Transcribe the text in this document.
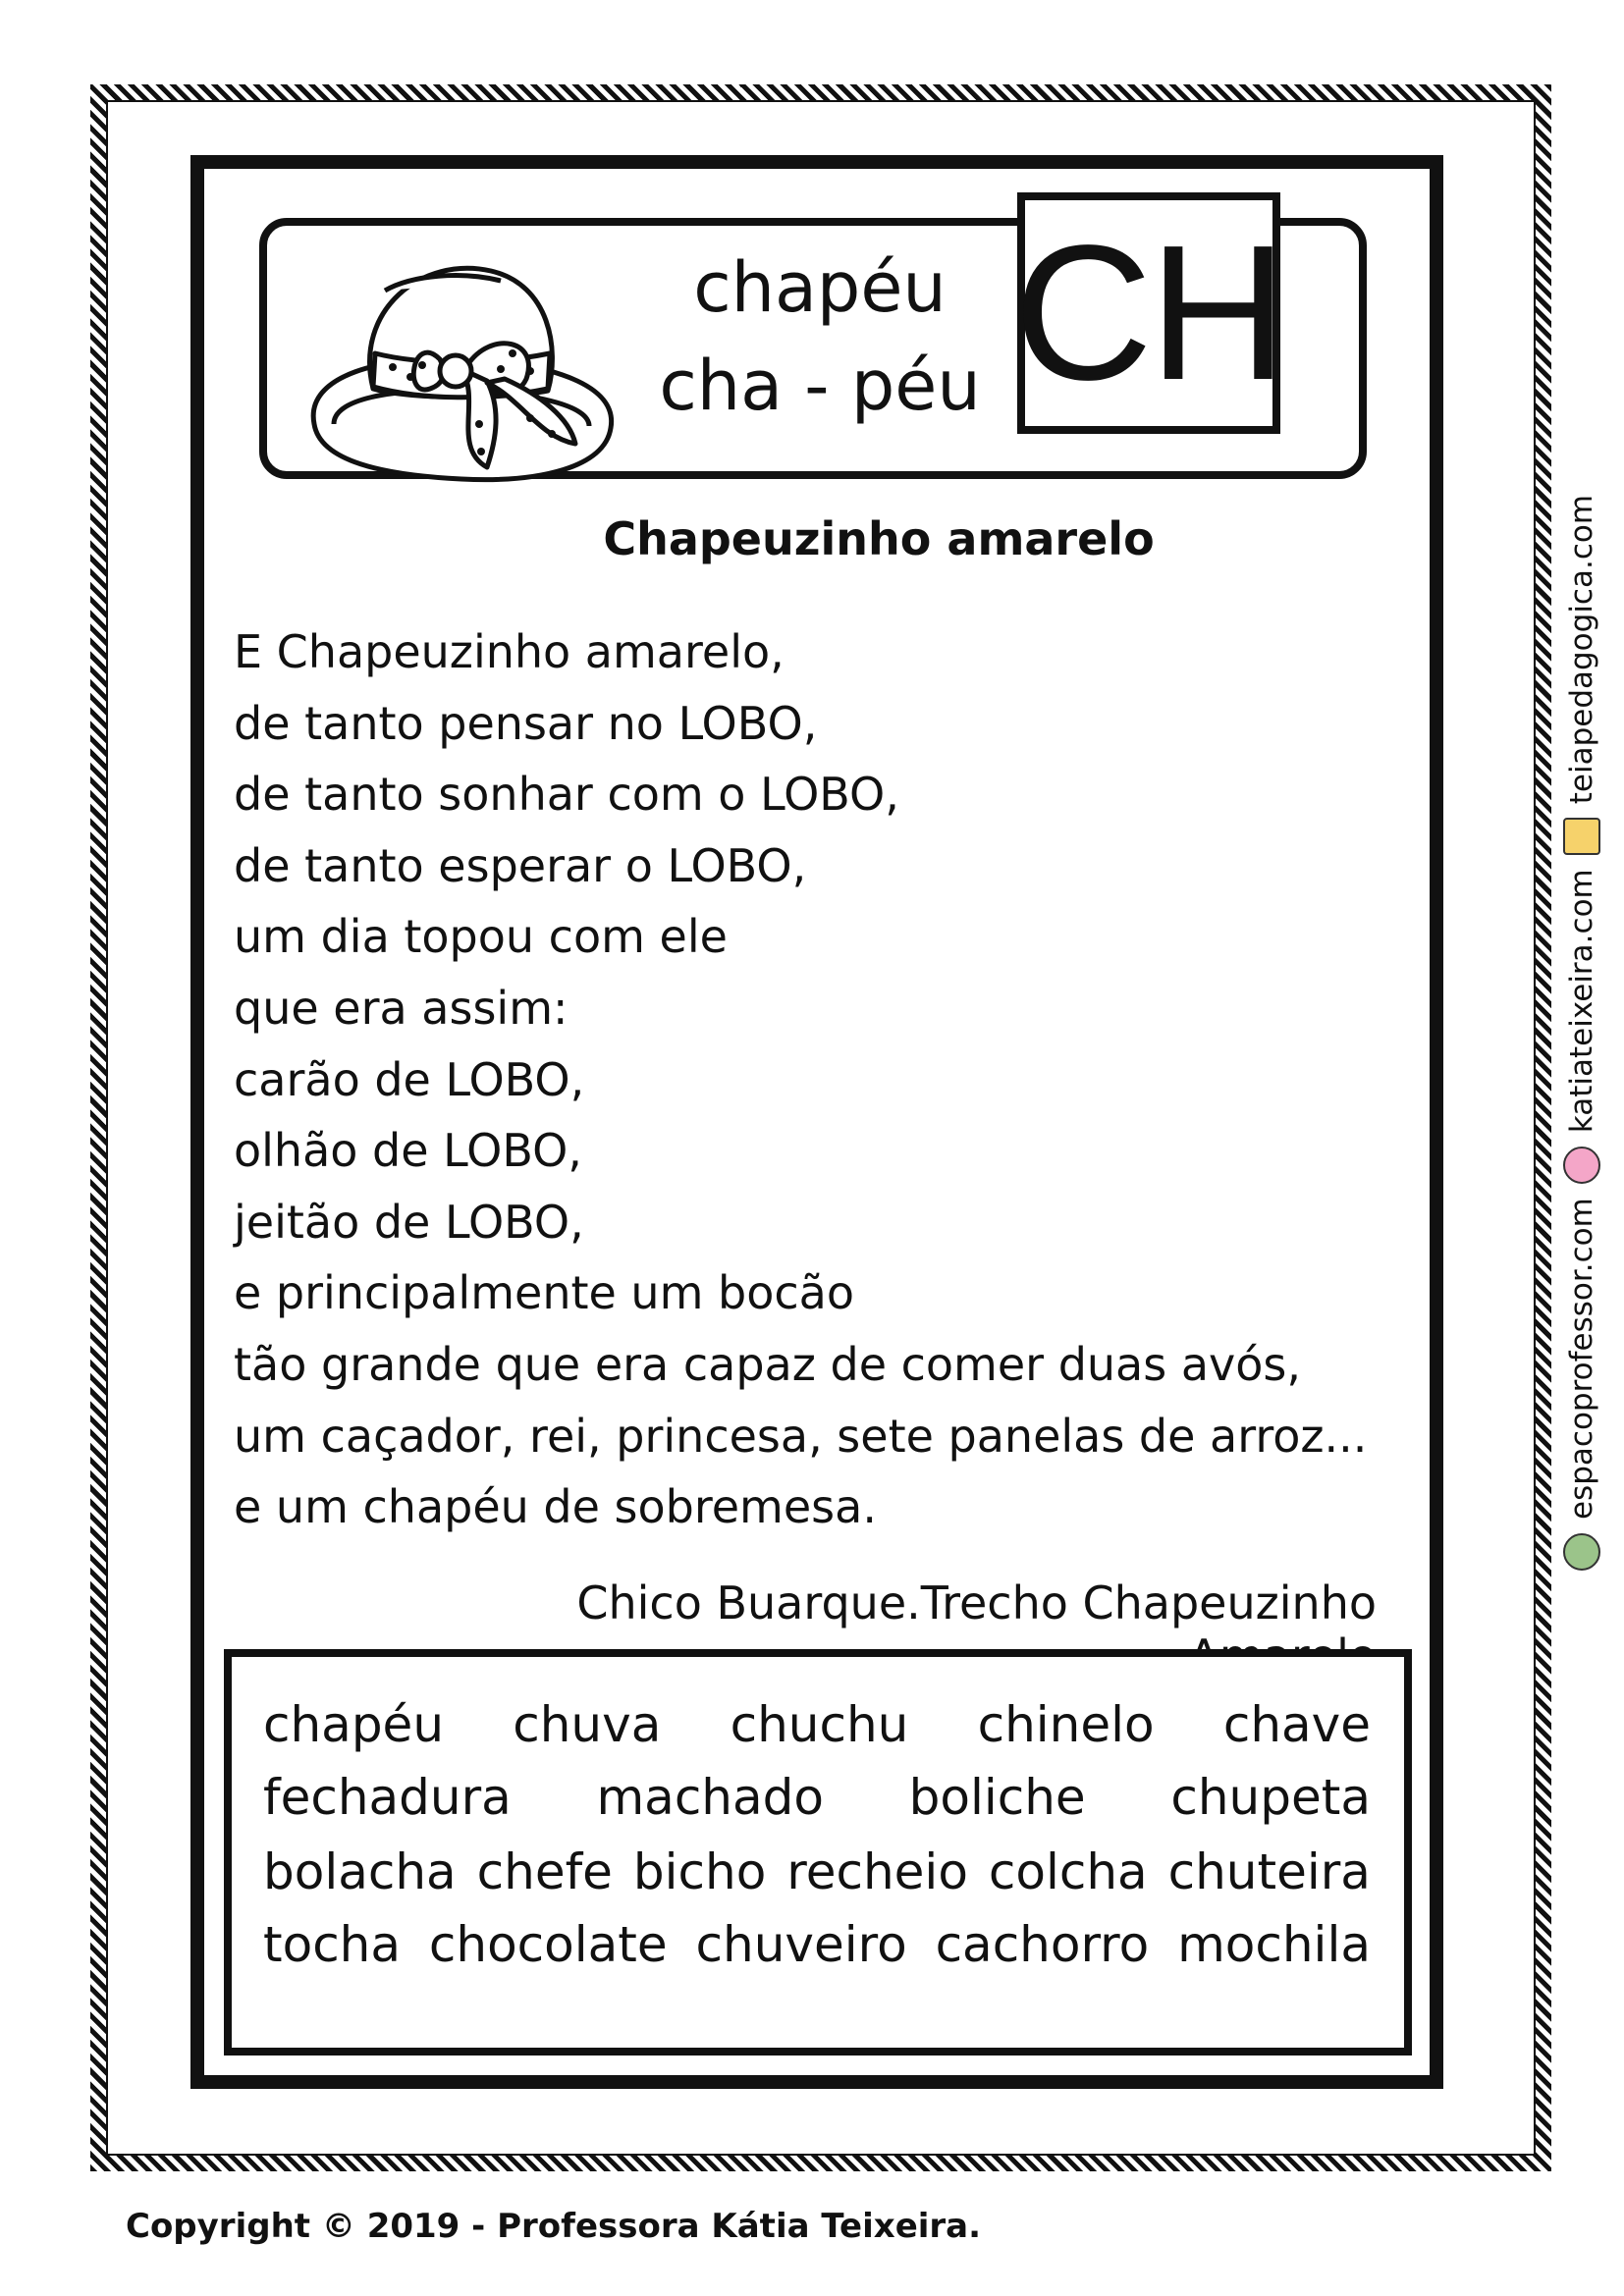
chapéu
cha - péu CH
Chapeuzinho amarelo
E Chapeuzinho amarelo,
de tanto pensar no LOBO,
de tanto sonhar com o LOBO,
de tanto esperar o LOBO,
um dia topou com ele
que era assim:
carão de LOBO,
olhão de LOBO,
jeitão de LOBO,
e principalmente um bocão
tão grande que era capaz de comer duas avós,
um caçador, rei, princesa, sete panelas de arroz...
e um chapéu de sobremesa.
Chico Buarque.Trecho Chapeuzinho
chapéu chuva chuchu chinelo chave
fechadura machado boliche chupeta
bolacha chefe bicho recheio colcha chuteira
tocha chocolate chuveiro cachorro mochila
espacoprofessor.com
katiateixeira.com
teiapedagogica.com
Copyright © 2019 - Professora Kátia Teixeira.
